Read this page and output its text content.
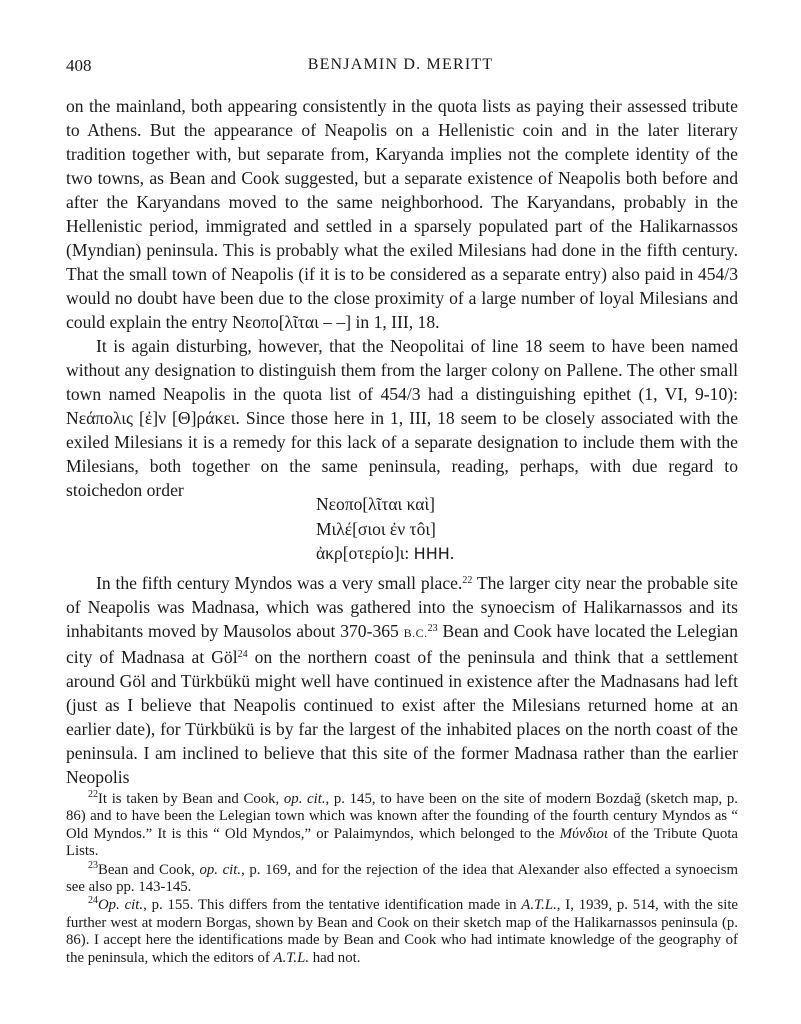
408	BENJAMIN D. MERITT

on the mainland, both appearing consistently in the quota lists as paying their assessed tribute to Athens. But the appearance of Neapolis on a Hellenistic coin and in the later literary tradition together with, but separate from, Karyanda implies not the complete identity of the two towns, as Bean and Cook suggested, but a separate existence of Neapolis both before and after the Karyandans moved to the same neighborhood. The Karyandans, probably in the Hellenistic period, immigrated and settled in a sparsely populated part of the Halikarnassos (Myndian) peninsula. This is probably what the exiled Milesians had done in the fifth century. That the small town of Neapolis (if it is to be considered as a separate entry) also paid in 454/3 would no doubt have been due to the close proximity of a large number of loyal Milesians and could explain the entry Νεοπο[λῖται – –] in 1, III, 18.

It is again disturbing, however, that the Neopolitai of line 18 seem to have been named without any designation to distinguish them from the larger colony on Pallene. The other small town named Neapolis in the quota list of 454/3 had a distinguishing epithet (1, VI, 9-10): Νεάπολις [ἐ]ν [Θ]ράκει. Since those here in 1, III, 18 seem to be closely associated with the exiled Milesians it is a remedy for this lack of a separate designation to include them with the Milesians, both together on the same peninsula, reading, perhaps, with due regard to stoichedon order

Νεοπο[λῖται καὶ]
Μιλέ[σιοι ἐν τôι]
ἀκρ[οτερίο]ι: HHH.

In the fifth century Myndos was a very small place.$^{22}$ The larger city near the probable site of Neapolis was Madnasa, which was gathered into the synoecism of Halikarnassos and its inhabitants moved by Mausolos about 370-365 B.C.$^{23}$ Bean and Cook have located the Lelegian city of Madnasa at Göl$^{24}$ on the northern coast of the peninsula and think that a settlement around Göl and Türkbükü might well have continued in existence after the Madnasans had left (just as I believe that Neapolis continued to exist after the Milesians returned home at an earlier date), for Türkbükü is by far the largest of the inhabited places on the north coast of the peninsula. I am inclined to believe that this site of the former Madnasa rather than the earlier Neopolis

$^{22}$It is taken by Bean and Cook, op. cit., p. 145, to have been on the site of modern Bozdağ (sketch map, p. 86) and to have been the Lelegian town which was known after the founding of the fourth century Myndos as “ Old Myndos.” It is this “ Old Myndos,” or Palaimyndos, which belonged to the Μύνδιοι of the Tribute Quota Lists.

$^{23}$Bean and Cook, op. cit., p. 169, and for the rejection of the idea that Alexander also effected a synoecism see also pp. 143-145.

$^{24}$Op. cit., p. 155. This differs from the tentative identification made in A.T.L., I, 1939, p. 514, with the site further west at modern Borgas, shown by Bean and Cook on their sketch map of the Halikarnassos peninsula (p. 86). I accept here the identifications made by Bean and Cook who had intimate knowledge of the geography of the peninsula, which the editors of A.T.L. had not.
